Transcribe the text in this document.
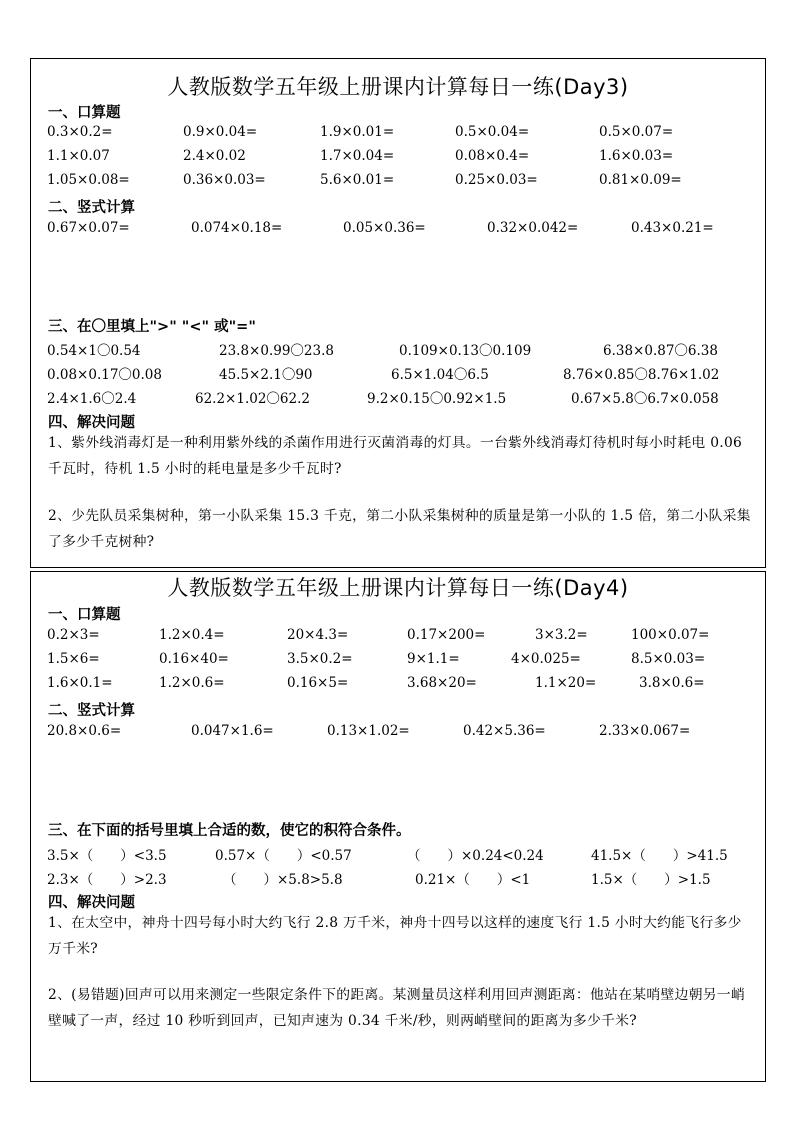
人教版数学五年级上册课内计算每日一练(Day3)
一、口算题
0.3×0.2=	0.9×0.04=	1.9×0.01=	0.5×0.04=	0.5×0.07=
1.1×0.07	2.4×0.02	1.7×0.04=	0.08×0.4=	1.6×0.03=
1.05×0.08=	0.36×0.03=	5.6×0.01=	0.25×0.03=	0.81×0.09=
二、竖式计算
0.67×0.07=	0.074×0.18=	0.05×0.36=	0.32×0.042=	0.43×0.21=
三、在〇里填上">" "<" 或"="
0.54×1〇0.54	23.8×0.99〇23.8	0.109×0.13〇0.109	6.38×0.87〇6.38
0.08×0.17〇0.08	45.5×2.1〇90	6.5×1.04〇6.5	8.76×0.85〇8.76×1.02
2.4×1.6〇2.4	62.2×1.02〇62.2	9.2×0.15〇0.92×1.5	0.67×5.8〇6.7×0.058
四、解决问题
1、紫外线消毒灯是一种利用紫外线的杀菌作用进行灭菌消毒的灯具。一台紫外线消毒灯待机时每小时耗电 0.06 千瓦时，待机 1.5 小时的耗电量是多少千瓦时?
2、少先队员采集树种，第一小队采集 15.3 千克，第二小队采集树种的质量是第一小队的 1.5 倍，第二小队采集了多少千克树种?
人教版数学五年级上册课内计算每日一练(Day4)
一、口算题
0.2×3=	1.2×0.4=	20×4.3=	0.17×200=	3×3.2=	100×0.07=
1.5×6=	0.16×40=	3.5×0.2=	9×1.1=	4×0.025=	8.5×0.03=
1.6×0.1=	1.2×0.6=	0.16×5=	3.68×20=	1.1×20=	3.8×0.6=
二、竖式计算
20.8×0.6=	0.047×1.6=	0.13×1.02=	0.42×5.36=	2.33×0.067=
三、在下面的括号里填上合适的数，使它的积符合条件。
3.5×（　　）<3.5	0.57×（　　）<0.57	（　　）×0.24<0.24	41.5×（　　）>41.5
2.3×（　　）>2.3	（　　）×5.8>5.8	0.21×（　　）<1	1.5×（　　）>1.5
四、解决问题
1、在太空中，神舟十四号每小时大约飞行 2.8 万千米，神舟十四号以这样的速度飞行 1.5 小时大约能飞行多少万千米?
2、(易错题)回声可以用来测定一些限定条件下的距离。某测量员这样利用回声测距离：他站在某哨壁边朝另一峭壁喊了一声，经过 10 秒听到回声，已知声速为 0.34 千米/秒，则两峭壁间的距离为多少千米?
